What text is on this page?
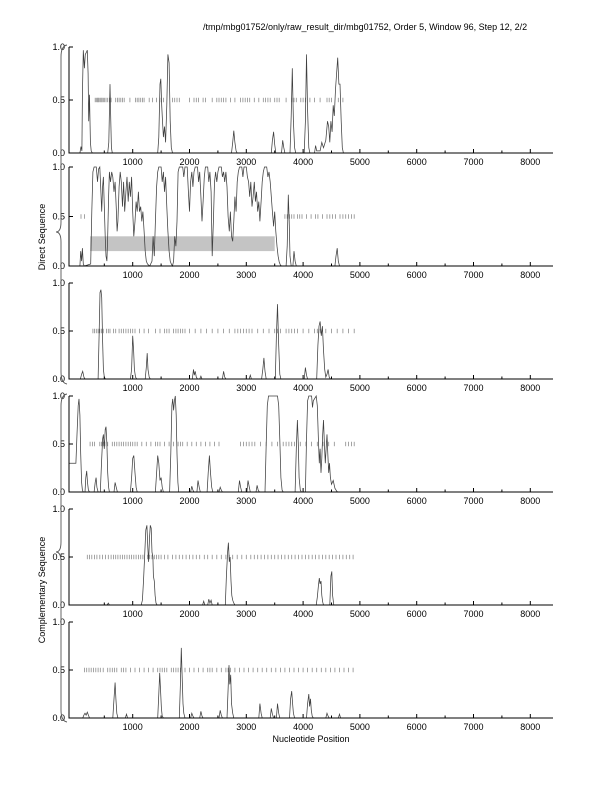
/tmp/mbg01752/only/raw_result_dir/mbg01752, Order 5, Window 96, Step 12, 2/2
Direct Sequence
Complementary Sequence
Nucleotide Position
0.0
0.5
1.0
1000	2000	3000	4000	5000	6000	7000	8000
0.0
0.5
1.0
1000	2000	3000	4000	5000	6000	7000	8000
0.0
0.5
1.0
1000	2000	3000	4000	5000	6000	7000	8000
0.0
0.5
1.0
1000	2000	3000	4000	5000	6000	7000	8000
0.0
0.5
1.0
1000	2000	3000	4000	5000	6000	7000	8000
0.0
0.5
1.0
1000	2000	3000	4000	5000	6000	7000	8000
